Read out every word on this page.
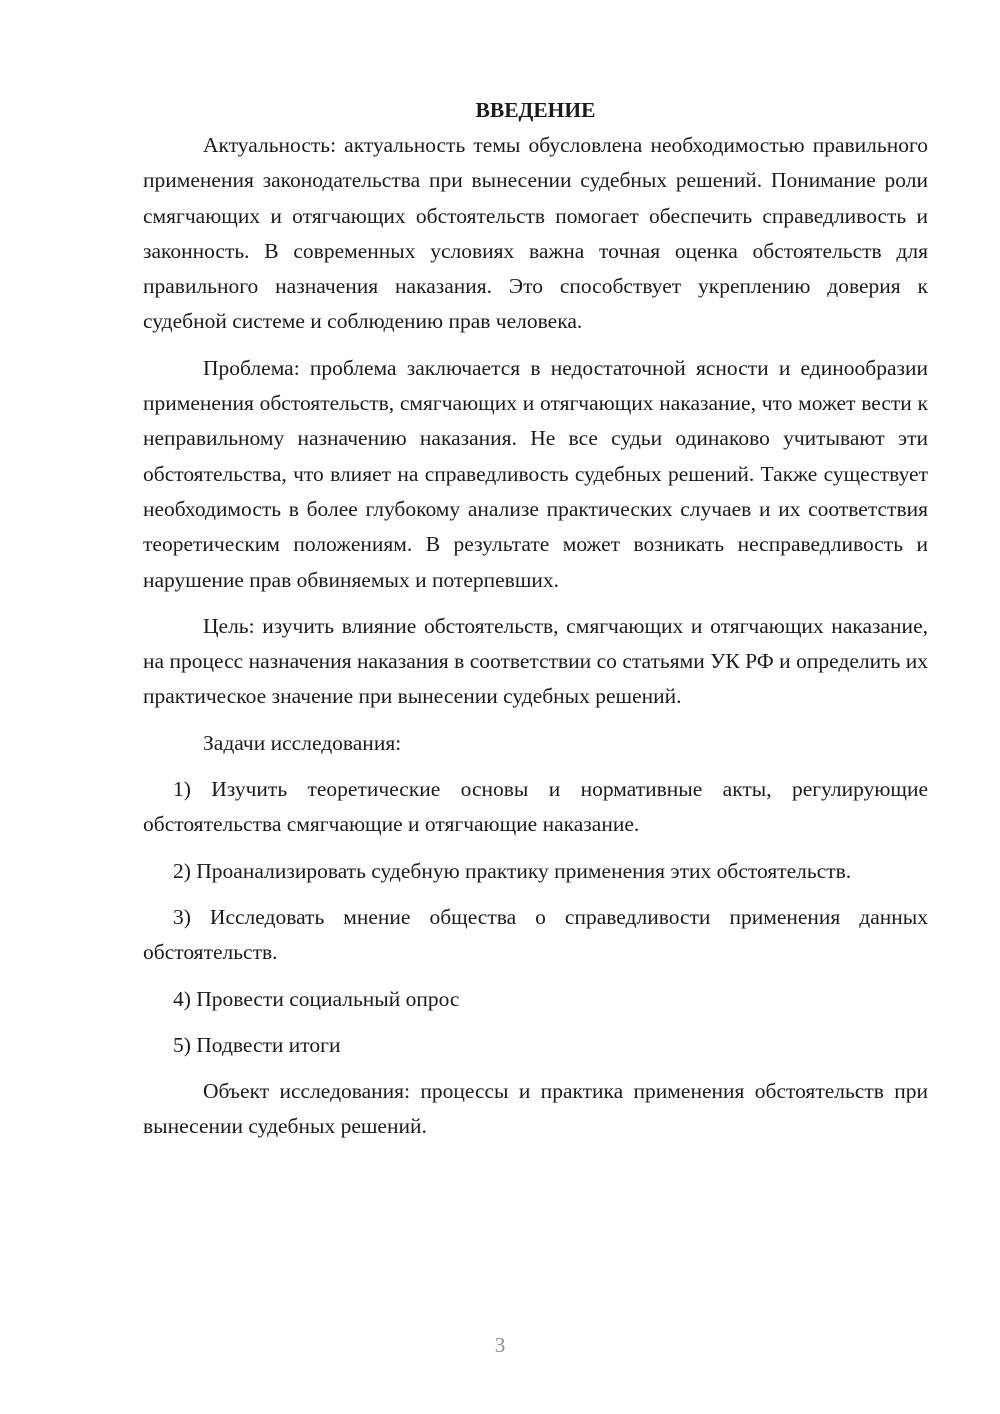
ВВЕДЕНИЕ

Актуальность: актуальность темы обусловлена необходимостью правильного применения законодательства при вынесении судебных решений. Понимание роли смягчающих и отягчающих обстоятельств помогает обеспечить справедливость и законность. В современных условиях важна точная оценка обстоятельств для правильного назначения наказания. Это способствует укреплению доверия к судебной системе и соблюдению прав человека.

Проблема: проблема заключается в недостаточной ясности и единообразии применения обстоятельств, смягчающих и отягчающих наказание, что может вести к неправильному назначению наказания. Не все судьи одинаково учитывают эти обстоятельства, что влияет на справедливость судебных решений. Также существует необходимость в более глубокому анализе практических случаев и их соответствия теоретическим положениям. В результате может возникать несправедливость и нарушение прав обвиняемых и потерпевших.

Цель: изучить влияние обстоятельств, смягчающих и отягчающих наказание, на процесс назначения наказания в соответствии со статьями УК РФ и определить их практическое значение при вынесении судебных решений.

Задачи исследования:

1) Изучить теоретические основы и нормативные акты, регулирующие обстоятельства смягчающие и отягчающие наказание.

2) Проанализировать судебную практику применения этих обстоятельств.

3) Исследовать мнение общества о справедливости применения данных обстоятельств.

4) Провести социальный опрос

5) Подвести итоги

Объект исследования: процессы и практика применения обстоятельств при вынесении судебных решений.

3
